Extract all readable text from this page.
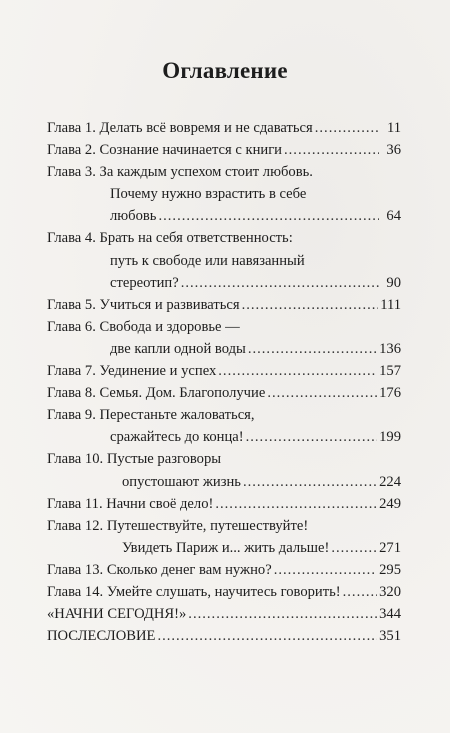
Оглавление
Глава 1. Делать всё вовремя и не сдаваться .....	11
Глава 2. Сознание начинается с книги .....	36
Глава 3. За каждым успехом стоит любовь.
Почему нужно взрастить в себе
любовь .....	64
Глава 4. Брать на себя ответственность:
путь к свободе или навязанный
стереотип? .....	90
Глава 5. Учиться и развиваться .....	111
Глава 6. Свобода и здоровье —
две капли одной воды .....	136
Глава 7. Уединение и успех .....	157
Глава 8. Семья. Дом. Благополучие .....	176
Глава 9. Перестаньте жаловаться,
сражайтесь до конца! .....	199
Глава 10. Пустые разговоры
опустошают жизнь .....	224
Глава 11. Начни своё дело! .....	249
Глава 12. Путешествуйте, путешествуйте!
Увидеть Париж и... жить дальше! .....	271
Глава 13. Сколько денег вам нужно? .....	295
Глава 14. Умейте слушать, научитесь говорить! .....	320
«НАЧНИ СЕГОДНЯ!» .....	344
ПОСЛЕСЛОВИЕ .....	351
